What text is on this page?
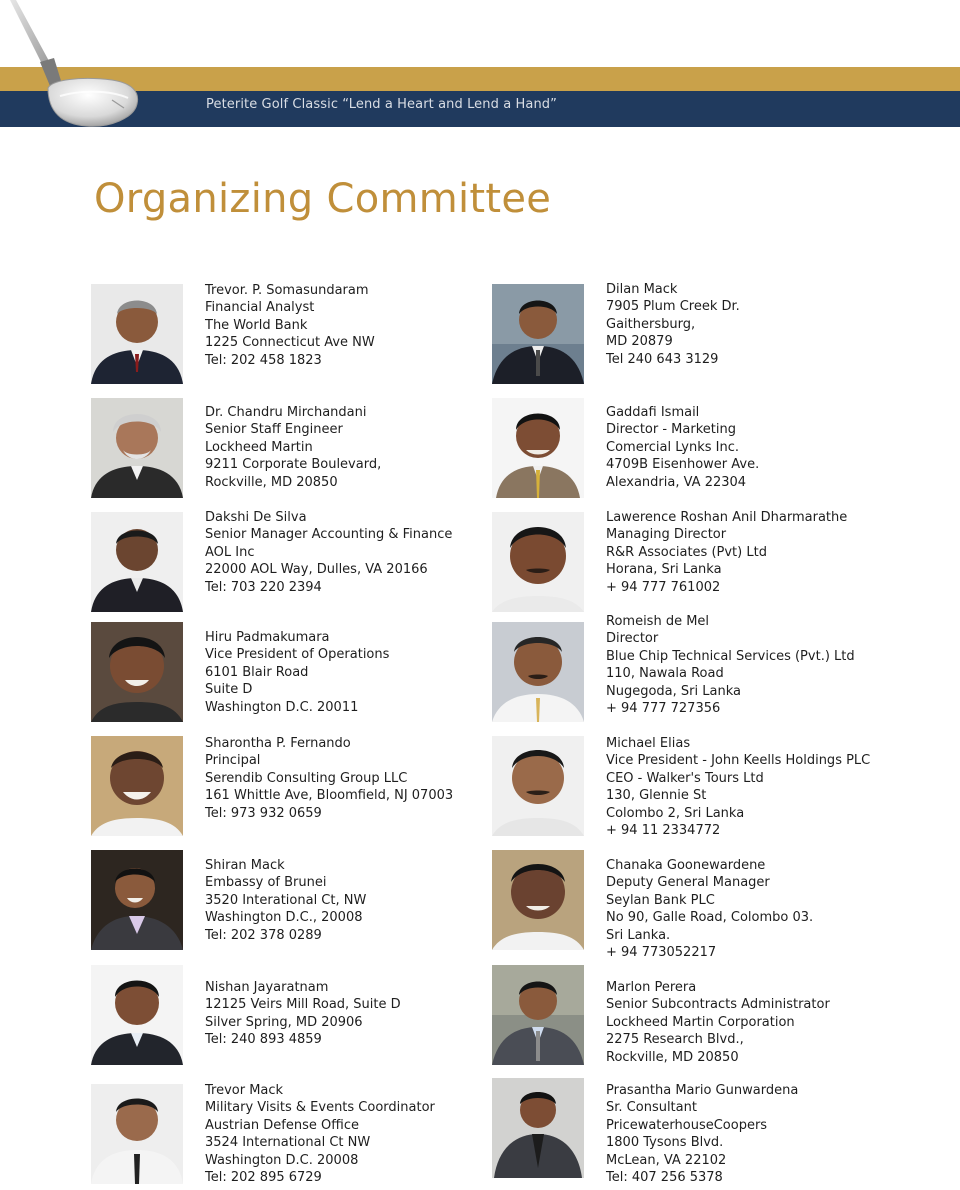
Peterite Golf Classic “Lend a Heart and Lend a Hand”
Organizing Committee
Trevor. P. Somasundaram
Financial Analyst
The World Bank
1225 Connecticut Ave NW
Tel: 202 458 1823
Dr. Chandru Mirchandani
Senior Staff Engineer
Lockheed Martin
9211 Corporate Boulevard,
Rockville, MD 20850
Dakshi De Silva
Senior Manager Accounting & Finance
AOL Inc
22000 AOL Way, Dulles, VA 20166
Tel: 703 220 2394
Hiru Padmakumara
Vice President of Operations
6101 Blair Road
Suite D
Washington D.C. 20011
Sharontha P. Fernando
Principal
Serendib Consulting Group LLC
161 Whittle Ave, Bloomfield, NJ 07003
Tel: 973 932 0659
Shiran Mack
Embassy of Brunei
3520 Interational Ct, NW
Washington D.C., 20008
Tel: 202 378 0289
Nishan Jayaratnam
12125 Veirs Mill Road, Suite D
Silver Spring, MD 20906
Tel: 240 893 4859
Trevor Mack
Military Visits & Events Coordinator
Austrian Defense Office
3524 International Ct NW
Washington D.C. 20008
Tel: 202 895 6729
Dilan Mack
7905 Plum Creek Dr.
Gaithersburg,
MD 20879
Tel 240 643 3129
Gaddafi Ismail
Director - Marketing
Comercial Lynks Inc.
4709B Eisenhower Ave.
Alexandria, VA 22304
Lawerence Roshan Anil Dharmarathe
Managing Director
R&R Associates (Pvt) Ltd
Horana, Sri Lanka
+ 94 777 761002
Romeish de Mel
Director
Blue Chip Technical Services (Pvt.) Ltd
110, Nawala Road
Nugegoda, Sri Lanka
+ 94 777 727356
Michael Elias
Vice President - John Keells Holdings PLC
CEO - Walker's Tours Ltd
130, Glennie St
Colombo 2, Sri Lanka
+ 94 11 2334772
Chanaka Goonewardene
Deputy General Manager
Seylan Bank PLC
No 90, Galle Road, Colombo 03.
Sri Lanka.
+ 94 773052217
Marlon Perera
Senior Subcontracts Administrator
Lockheed Martin Corporation
2275 Research Blvd.,
Rockville, MD 20850
Prasantha Mario Gunwardena
Sr. Consultant
PricewaterhouseCoopers
1800 Tysons Blvd.
McLean, VA 22102
Tel: 407 256 5378
